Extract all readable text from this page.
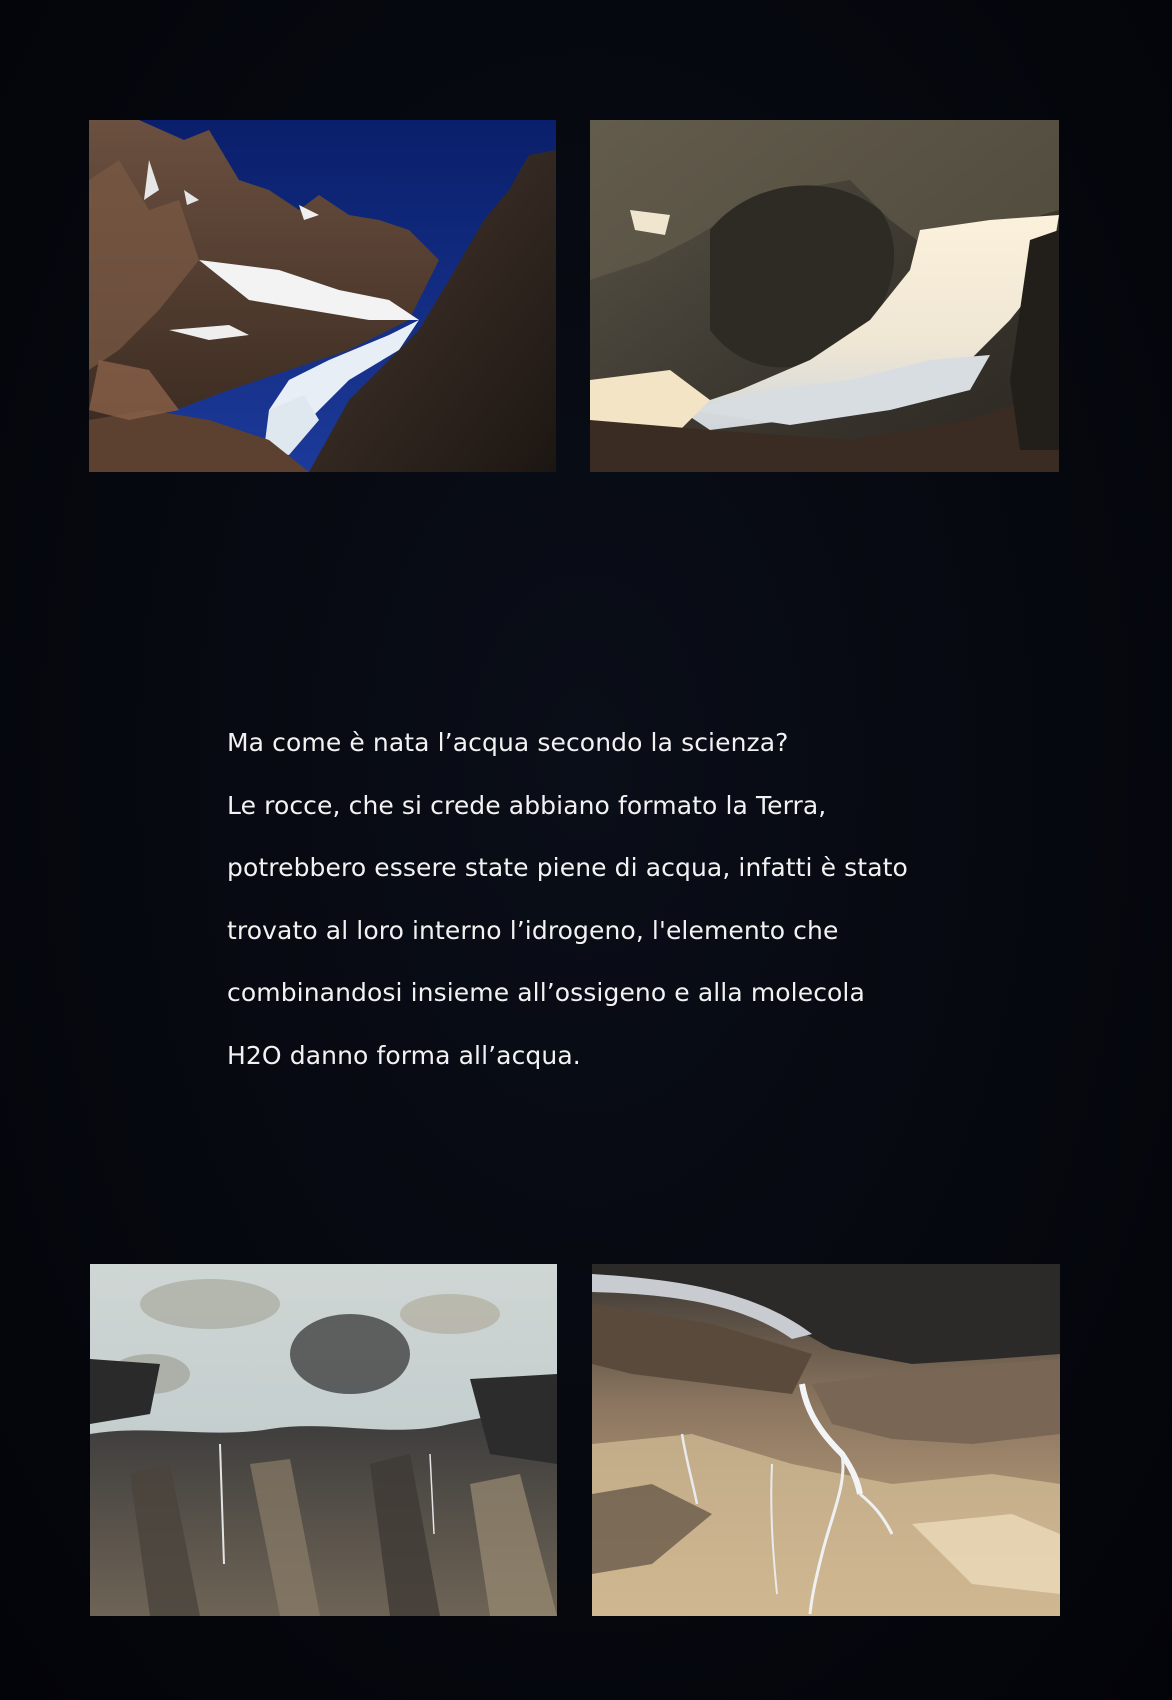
Ma come è nata l’acqua secondo la scienza?
Le rocce, che si crede abbiano formato la Terra,
potrebbero essere state piene di acqua, infatti è stato
trovato al loro interno l’idrogeno, l'elemento che
combinandosi insieme all’ossigeno e alla molecola
H2O danno forma all’acqua.
